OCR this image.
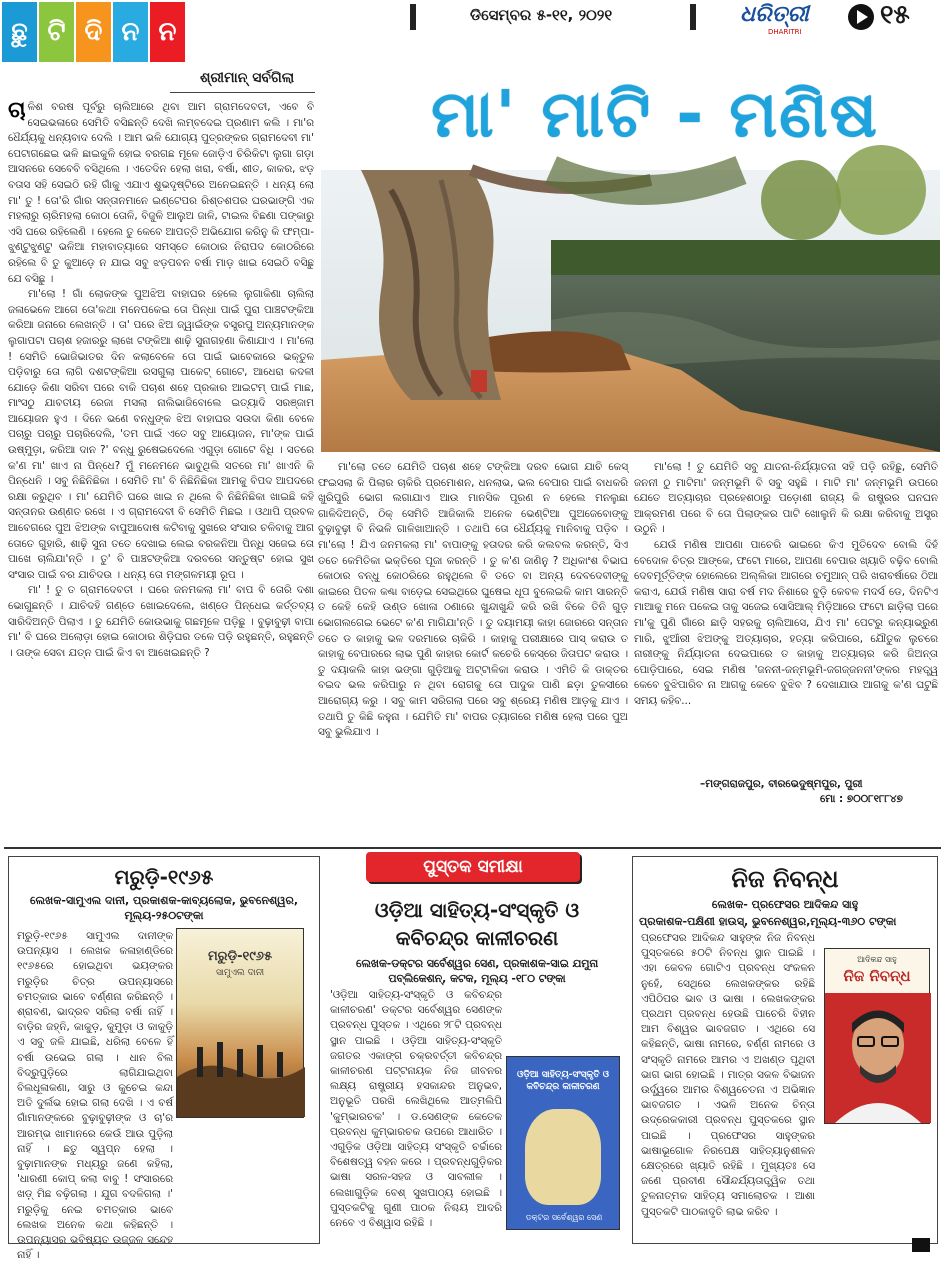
ଛୁ ଟି ଦି ନ ନ
ଡିସେମ୍ବର ୫-୧୧, ୨୦୨୧	ଧରିତ୍ରୀ
DHARITRI
୧୫
ଶ୍ରୀମାନ୍ ସର୍ବଗିଲା	ମା' ମାଟି - ମଣିଷ

ଚାଳିଶ ବରଷ ପୂର୍ବରୁ ଚାଲିଆରେ ଥିବା ଆମ ଗ୍ରାମଦେବତୀ, ଏବେ ବି ସେଇଭଳାରେ ସେମିତି ବସିଛନ୍ତି ଦେଖି ଲମ୍ବଦେଇ ପ୍ରଣାମ କଲି । ମା'ର ଧୈର୍ଯ୍ୟକୁ ଧନ୍ୟବାଦ ଦେଲି । ଆମ ଭଳି ଯୋଗ୍ୟ ପୁତ୍ରଙ୍କର ଗ୍ରାମଦେବୀ ମା' ପେଟାଗଛେଇ ଭଳି ଛାଇକୁଳି ହୋଇ ବରଗଛ ମୂଳେ ଜୋଡ଼ିଏ ଚିରିକିଟା ଲୁଗା ଗଡ଼ା ଆସନରେ ସେବେବି ବସିଥିଲେ । ଏତେଦିନ ହେଲା ଖରା, ବର୍ଷା, ଶୀତ, କାକର, ଝଡ଼ ବତାସ ସହି ସେଇଠି ରହି ଗାଁକୁ ଏଯାଏ ଶୁଭଦୃଷ୍ଟିରେ ଅନେଇଛନ୍ତି । ଧନ୍ୟ ଲୋ ମା' ତୁ ! ତୋ'ରି ଗାଁର ସନ୍ତାନମାନେ ଇଣ୍ଟେପର ରିଶ୍ତଶପର ଘରଭାଙ୍ଗି ଏକ ମହଲାରୁ ଚାରିମହଲା କୋଠା ତୋଳି, ବିଜୁଳି ଆଲୁଅ ଜାଳି, ଟାଇଲ ବିଛଣା ପଙ୍କାରୁ ଏସି ଘରେ ରହିଲେଣି । ହେଲେ ତୁ କେବେ ଆପତ୍ତି ଅଭିଯୋଗ କରିନୁ କି ଫମ୍ପା-ଝୁଣ୍ଟୁଝୁଣ୍ଟୁ ଭଳିଆ ମହାବାତ୍ୟାରେ ସମସ୍ତେ କୋଠାର ନିରାପଦ କୋଠରିରେ ରହିଲେ ବି ତୁ କୁଆଡ଼େ ନ ଯାଇ ସବୁ ଝଡ଼ପବନ ବର୍ଷା ମାଡ଼ ଖାଇ ସେଇଠି ବସିଛୁ ଯେ ବସିଛୁ ।

ମା'ଲୋ ! ଗାଁ ଲୋକଙ୍କ ପୁଅଝିଅ ବାହାଘର ହେଲେ ଲୁଗାକିଣା ଚାଲିଲା ଜଳାଭେଳେ ଆଗେ ତୋ'କଥା ମନେପକେଇ ତୋ ପିନ୍ଧା ପାଇଁ ପୁରା ପାଞ୍ଚଟଙ୍କିଆ କରିଆ ଜନାରେ ଲେଖନ୍ତି । ତା' ପରେ ଝିଅ ଜ୍ୱାଇଁଙ୍କ ବସ୍ତ୍ରପୁ ଅନ୍ୟମାନଙ୍କ ଲୁଗାପଟା ପଚାଶ ହଜାରରୁ ଲାଖେ ଟଙ୍କିଆ ଶାଢ଼ି ସୁନାଗହଣା କିଣାଯାଏ । ମା'ଲୋ ! ସେମିତି ଭୋଜିଭାତର ଦିନ କଲାବେଳେ ତୋ ପାଇଁ ଭାବେକାରେ ଭକ୍ତୁଳ ପଡ଼ିବାରୁ ତୋ ଲାଗି ଦଶଟଙ୍କିଆ ରସଗୁଲା ପାକେଟ୍ ଗୋଟେ, ଆଧେରା କଦଳୀ ଯୋଡ଼େ କିଣା ସରିବା ପରେ ବାକି ପଚାଶ ଶହେ ପ୍ରକାର ଆଇଟମ୍ ପାଇଁ ମାଛ, ମାଂସଠୁ ଯାବତୀୟ ରେଜା ମସଲା ନାଲିଭାଜିବୋଲେ ଇତ୍ୟାଦି ସରଞ୍ଜାମ ଆୟୋଜନ ହୁଏ । ଦିନେ ଭଣେ ବନ୍ଧୁଙ୍କ ଝିଅ ବାହାଘର ସଉଦା କିଣା ବେଳେ ପଚାରୁ ପଚାରୁ ପଚାରିଦେଲି, 'ତମ ପାଇଁ ଏତେ ସବୁ ଆୟୋଜନ, ମା'ଙ୍କ ପାଇଁ ଉଷ୍ମୁଡ଼ା, କରିଆ ଦାନ ?' ବନ୍ଧୁ ରୁଷେଇଦେଲେ ଏଗୁଡ଼ା ଗୋଟେ ବିଧି । ସତରେ କ'ଣ ମା' ଖାଏ ନା ପିନ୍ଧେ? ମୁଁ ମନେମନେ ଭାବୁଥିଲି ସତରେ ମା' ଖାଏନି କି ପିନ୍ଧେନି । ସବୁ ନିଛିନିଛିକା । ସେମିତି ମା' ବି ନିଛିନିଛିକା ଆମକୁ ବିପଦ ଆପଦରେ ରକ୍ଷା କରୁଥିବ । ମା' ଯେମିତି ଘରେ ଖାଇ ନ ଥିଲେ ବି ନିଛିନିଛିକା ଖାଇଛି କହି ସନ୍ତାନର ଉଣ୍ଣତ ରଖେ । ଏ ଗ୍ରାମଦେବୀ ବି ସେମିତି ମିଛଇ । ଓଥାପି ପ୍ରବଳ ଆବେଗରେ ପୁଅ ଝିଅଙ୍କ ବାପୁଆଦୋଷ କଟିବାକୁ ସୁଖରେ ସଂସାର ଚଳିବାକୁ ଆଗ ତୋତେ ଗୁହାରି, ଶାଢ଼ି ସୁନା ତତେ ଦେଖାଇ ଲେଇ ବରକନିଆ ପିନ୍ଧି ସଜେଇ ତୋ ପାଖେ ଚାଲିଯା'ନ୍ତି । ତୁ' ବି ପାଞ୍ଚଟଙ୍କିଆ ଦରବରେ ସନ୍ତୁଷ୍ଟ ହୋଇ ସୁଖ ସଂସାର ପାଇଁ ବର ଯାଚିଦଉ । ଧନ୍ୟ ତୋ ମଙ୍ଗଳମୟୀ ରୂପ ।

ମା' ! ତୁ ତ ଗ୍ରାମଦେବତୀ । ଘରେ ଜନମକଲା ମା' ବାପ ବି ତୋରି ଦଶା ଭୋଗୁଛନ୍ତି । ଯାଚିଦହି ଗଣ୍ଡେ ଖୋଇଦେଲେ, ଖଣ୍ଡେ ପିନ୍ଧେଇ କର୍ତ୍ତବ୍ୟ ସାରିଦିଅନ୍ତି ପିଲାଏ । ତୁ ଯେମିତି କୋଉଭାକୁ ଗଛମୂଳେ ପଡ଼ିଛୁ । ବୁଢ଼ାବୁଢ଼ୀ ବାପା ମା' ବି ଘରେ ଅଲୋଡ଼ା ହୋଇ କୋଠାର ଶିଡ଼ିଘର ତଳେ ପଡ଼ି ରହୁଛନ୍ତି, ରହୁଛନ୍ତି । ତାଙ୍କ ସେବା ଯତ୍ନ ପାଇଁ କିଏ ବା ଆଖେଇଛନ୍ତି ?

ମା'ଲୋ ତତେ ଯେମିତି ପଚାଶ ଶହେ ଟଙ୍କିଆ ଦରବ ଭୋଗ ଯାଚି କେସ୍ ଫଇସଲା କି ପିଲାର ଚାକିରି ପ୍ରମୋଶନ, ଧନଲାଭ, ଭଲ ବେପାର ପାଇଁ ବାଧକରି ଖୁରିପୁରି ଭୋଗ ଲଗାଯାଏ ଆଉ ମାନସିକ ପୂରଣ ନ ହେଲେ ମନଲୁଛା ଗାଳିଦିଅନ୍ତି, ଠିକ୍ ସେମିତି ଆଜିକାଲି ଅନେକ ଭେଣ୍ଟିଆ ପୁଅଜେବୋଙ୍କୁ ବୁଢ଼ାବୁଢ଼ୀ ବି ନିଭଳି ଗାଳିଖାଆନ୍ତି । ତଥାପି ତୋ ଧୈର୍ଯ୍ୟକୁ ମାନିବାକୁ ପଡ଼ିବ । ମା'ଲୋ ! ଯିଏ ଜନମକଲା ମା' ବାପାଙ୍କୁ ହତାଦର କରି କଲବଲ କରନ୍ତି, ସିଏ ତତେ କେମିତିକା ଭକ୍ତିରେ ପୂଜା କରନ୍ତି । ତୁ କ'ଣ ଜାଣିନୁ ? ଅଧିକାଂଶ ବିଭାଘ କୋଠାର ବନ୍ଧୁ କୋଠରିରେ ରହୁଥିଲେ ବି ତତେ ବା ଅନ୍ୟ ଦେବଦେବୀଙ୍କୁ କାଇରେ ପିତଳ କଣ୍ଢା ବାଡ଼େଇ ସେଇଥିରେ ଘୁଷେଇ ଧୂପ ବୁଲେଇକି କାମ ସାରନ୍ତି ତ କେହି କେହି ଉଣ୍ଡ ଖୋଳା ଠଣାରେ ଖୁନ୍ଦାଖୁନ୍ଦି କରି ରଖି ବିକେ ତିନି ଗୁଡ଼ ଭୋଗଲଗେଇ ଭେଟେ କ'ଣ ମାଗିଯା'ନ୍ତି । ତୁ ଦୟାମୟୀ କାହା ଜୋରରେ ସନ୍ତାନ ତତେ ଡ କାହାକୁ ଭଳ ଦରମାରେ ଚାକିରି । କାହାକୁ ପରୀକ୍ଷାରେ ପାସ୍ କରାଉ ତ କାହାକୁ ବେପାରରେ ଲାଭ ପୁଣି କାହାର କୋର୍ଟ କଚେରି କେସ୍‌ରେ ଜିତାପଟ କରାଉ । ତୁ ଦୟାକଲି କାହା ଭଙ୍ଗା ଗୁଡ଼ିଆକୁ ଅଟ୍ଟାଳିକା କରାଉ । ଏମିତି କି ଡାକ୍ତର ବଇଦ ଭଲ କରିପାରୁ ନ ଥିବା ରୋଗକୁ ତୋ ପାଦୁକ ପାଣି ଛଡ଼ା ତୁଳସୀରେ ଆରୋଗ୍ୟ କରୁ । ସବୁ କାମ ସରିଗଲା ପରେ ସବୁ ଶ୍ରେୟ ମଣିଷ ଆଡ଼କୁ ଯାଏ । ତଥାପି ତୁ କିଛି କହୁନା । ଯେମିତି ମା' ବାପର ତ୍ୟାଗରେ ମଣିଷ ହେଲା ପରେ ପୁଅ ସବୁ ଭୁଲିଯାଏ ।

ମା'ଲୋ ! ତୁ ଯେମିତି ସବୁ ଯାତନା-ନିର୍ଯ୍ୟାତନା ସହି ପଡ଼ି ରହିଛୁ, ସେମିତି ଜନନୀ ଠୁ ମାଟିମା' ଜନ୍ମଭୂମି ବି ସବୁ ସହୁଛି । ମାଟି ମା' ଜନ୍ମଭୂମି ଉପରେ ଯେତେ ଅତ୍ୟାଚାର ପ୍ରହେଶଠାରୁ ପଡ଼ୋଶୀ ରାଜ୍ୟ କି ରାଷ୍ଟ୍ରର ଘନଘନ ଆକ୍ରମଣ ପରେ ବି ତୋ ପିଲାଙ୍କର ପାଟି ଖୋଲୁନି କି ରକ୍ଷା କରିବାକୁ ଅସ୍ତ୍ର ଉଠୁନି ।

ଯେଉଁ ମଣିଷ ଆପଣା ପାଚେରି ଭାଇରେ କିଏ ମୁତିଦେବ ବୋଲି ଦିହଁ ବେଦୋଳ ଚିତ୍ର ଆଙ୍କେ, ଫଟୋ ମାରେ, ଆପଣା ବେପାର ଖ୍ୟାତି ବଢ଼ିବ ବୋଲି ଦେବମୂର୍ତ୍ତିଙ୍କ ହୋଲେରେ ଅଲ୍ଲିକା ଆଗରେ ଚମୁଆନ୍ ପରି ଖରାବର୍ଷାରେ ଠିଆ କରାଏ, ଯେଉଁ ମଣିଷ ସାରା ବର୍ଷ ମଦ ନିଶାରେ ବୁଡ଼ି କେବଳ ମଦର୍ସ ଡେ, ଦିନଟିଏ ମାଆକୁ ମନେ ପକେଇ ତାକୁ ସଜେଇ ସୋସିଆଲ୍ ମିଡ଼ିଆରେ ଫଟୋ ଛାଡ଼ିଲା ପରେ ମା'କୁ ପୁଣି ଗାଁରେ ଛାଡ଼ି ସହରକୁ ଚାଲିଆସେ, ଯିଏ ମା' ପେଟରୁ କନ୍ୟାଭ୍ରୁଣ ମାରି, ଝୁଆଁରୀ ଝିଅଙ୍କୁ ଅତ୍ୟାଚାର, ହତ୍ୟା କରିପାରେ, ଯୌତୁକ ଲୁଚରେ ନାରୀଙ୍କୁ ନିର୍ଯ୍ୟାତନା ଦେଇପାରେ ତ କାହାକୁ ଅତ୍ୟାଚାର କରି ଜିଅନ୍ତା ପୋଡ଼ିପାରେ, ସେଇ ମଣିଷ 'ଜନନୀ-ଜନ୍ମଭୂମି-ଜଗଜ୍ଜନନୀ'ଙ୍କର ମହତ୍ତ୍ୱ କେବେ ବୁଝିପାରିବ ନା ଆଗକୁ କେବେ ବୁଝିବ ? ଦେଖାଯାଉ ଆଗକୁ କ'ଣ ଘଟୁଛି ସମୟ କହିବ...

–ମଙ୍ଗରାଜପୁର, ବୀରଭେଦୁଷ୍ମପୁର, ପୁରୀ
ମୋ : ୭୦୦୮୧୮୮୪୭
ମରୁଡ଼ି-୧୯୬୫
ଲେଖକ-ସାମୁଏଲ ଦାନୀ, ପ୍ରକାଶକ-କାବ୍ୟଲୋକ, ଭୁବନେଶ୍ୱର, ମୂଲ୍ୟ-୨୫୦ଟଙ୍କା
ମରୁଡ଼ି-୧୯୬୫ ସାମୁଏଲ ଦାନୀଙ୍କ ଉପନ୍ୟାସ । ଲେଖକ କଳାହାଣ୍ଡିରେ ୧୯୬୫ରେ ହୋଇଥିବା ଭୟଙ୍କର ମରୁଡ଼ିର ଚିତ୍ର ଉପନ୍ୟାସରେ ଚମତ୍କାର ଭାବେ ବର୍ଣ୍ଣନା କରିଛନ୍ତି । ଶ୍ରାବଣ, ଭାଦ୍ରବ ସରିଲା ବର୍ଷା ନାହିଁ । ବାଡ଼ିର ଜହ୍ନି, କାକୁଡ଼, କୁମୁଡ଼ା ଓ କାକୁଡ଼ି ଏ ସବୁ ଜଳି ଯାଇଛି, ଧରିଲା ବେଳେ ହିଁ ବର୍ଷା ଉଭେଇ ଗଲା । ଧାନ ବିଲ ବିଦ୍ରୁପୁଡ଼ିରେ ଲାଗିଯାଇଥିବା ବିଲଧୂଳାକଣା, ସାରୁ ଓ କୁଚେଇ କନ୍ଦା ଅତି ଦୁର୍ଲଭ ହୋଇ ଗଲା ଦେଖି । ଏ ବର୍ଷ ଗାଁମାନଙ୍କରେ ବୁଢ଼ାବୁଢ଼ୀଙ୍କ ଓ ଚା'ର ଆରମ୍ଭ ଖାମାନରେ କେଉଁ ଆଉ ପୁଡ଼ିଲା ନାହିଁ । ଛତୁ ସ୍ୱପ୍ନ ହେଲା । ବୁଢ଼ାମାନଙ୍କ ମଧ୍ୟରୁ ଜଣେ କହିଲା, 'ଧାରଣୀ କୋପ୍ କଲା ବାବୁ ! ସଂସାରରେ ଖଡ଼୍ ମିଛ ବଢ଼ିଗଲା । ଯୁଗ ବଦଳିଗଲା ।' ମରୁଡ଼ିକୁ ନେଇ ଚମତ୍କାର ଭାବେ ଲେଖକ ଅନେକ କଥା କହିଛନ୍ତି । ଉପନ୍ୟାସର ଭବିଷ୍ୟତ ଉଜ୍ଜଳ ସନ୍ଦେହ ନାହିଁ ।
ମରୁଡ଼ି-୧୯୬୫
ସାମୁଏଲ ଦାନୀ
ଓଡ଼ିଆ ସାହିତ୍ୟ-ସଂସ୍କୃତି ଓ
କବିଚନ୍ଦ୍ର କାଳୀଚରଣ
ଲେଖକ-ଡକ୍ଟର ସର୍ବେଶ୍ୱର ସେଣ, ପ୍ରକାଶକ-ସାଇ ଯମୁନା ପବ୍ଲିକେଶନ୍, କଟକ, ମୂଲ୍ୟ -୧୮୦ ଟଙ୍କା
'ଓଡ଼ିଆ ସାହିତ୍ୟ-ସଂସ୍କୃତି ଓ କବିଚନ୍ଦ୍ର କାଳୀଚରଣ' ଡକ୍ଟର ସର୍ବେଶ୍ୱର ସେଣଙ୍କ ପ୍ରବନ୍ଧ ପୁସ୍ତକ । ଏଥିରେ ୨୮ଟି ପ୍ରବନ୍ଧ ସ୍ଥାନ ପାଇଛି । ଓଡ଼ିଆ ସାହିତ୍ୟ-ସଂସ୍କୃତି ଜଗତର ଏକାଙ୍ଗ ଚକ୍ରବର୍ତ୍ତୀ କବିଚନ୍ଦ୍ର କାଳୀଚରଣ ପଟ୍ଟନାୟକ ନିଜ ଜୀବନର ଲକ୍ଷ୍ୟ ରାଷ୍ଟ୍ରୀୟ ହସକାନ୍ଦର ଅନୁଭବ, ଅନୁଭୂତି ପରଖି ଲେଖିଥିଲେ ଆତ୍ମଲିପି 'କୁମ୍ଭାରଚକ' । ଡ.ସେଣଙ୍କ କେତେକ ପ୍ରବନ୍ଧ କୁମ୍ଭାରଚକ ଉପରେ ଆଧାରିତ । ଏଗୁଡ଼ିକ ଓଡ଼ିଆ ସାହିତ୍ୟ ସଂସ୍କୃତି ଚର୍ଚ୍ଚାରେ ବିଶେଷତ୍ୱ ବହନ କରେ । ପ୍ରବନ୍ଧଗୁଡ଼ିକର ଭାଷା ସରଳ-ସହଜ ଓ ସାବଲୀଳ । ଲେଖାଗୁଡ଼ିକ ବେଶ୍ ସୁଖପାଠ୍ୟ ହୋଇଛି । ପୁସ୍ତକଟିକୁ ଗୁଣୀ ପାଠକ ନିଶ୍ଚୟ ଆଦରି ନେବେ ଏ ବିଶ୍ୱାସ ରହିଛି ।
ପୁସ୍ତକ ସମୀକ୍ଷା
ଓଡ଼ିଆ ସାହିତ୍ୟ-ସଂସ୍କୃତି ଓ କବିଚନ୍ଦ୍ର କାଳୀଚରଣ
ଡକ୍ଟର ସର୍ବେଶ୍ୱର ସେଣ
ନିଜ ନିବନ୍ଧ
ଲେଖକ- ପ୍ରଫେସର ଆଦିକନ୍ଦ ସାହୁ
ପ୍ରକାଶକ-ପକ୍ଷିଣୀ ହାଉସ୍, ଭୁବନେଶ୍ୱର,ମୂଲ୍ୟ-୩୬୦ ଟଙ୍କା
ପ୍ରଫେସର ଆଦିକନ୍ଦ ସାହୁଙ୍କ ନିଜ ନିବନ୍ଧ ପୁସ୍ତକରେ ୫୦ଟି ନିବନ୍ଧ ସ୍ଥାନ ପାଇଛି । ଏହା କେବଳ ଗୋଟିଏ ପ୍ରବନ୍ଧ ସଂକଳନ ନୁହେଁ, ସେଥିରେ ଲେଖକଙ୍କର ରହିଛି ଏପିଠିପର ଭାବ ଓ ଭାଷା । ଲେଖକଙ୍କର ପ୍ରଥମ ପ୍ରବନ୍ଧ ହେଉଛି ପାଚେରି ବିହୀନ ଆମ ବିଶ୍ୱର ଭାବଜଗତ । ଏଥିରେ ସେ କହିଛନ୍ତି, ଭାଷା ନାମରେ, ବର୍ଣ୍ଣ ନାମରେ ଓ ସଂସ୍କୃତି ନାମରେ ଆମର ଏ ଅଖଣ୍ଡ ପୃଥିବୀ ଭାଗ ଭାଗ ହୋଇଛି । ମାତ୍ର ସକଳ ବିଭାଜନ ଉର୍ଦ୍ଧ୍ୱରେ ଆମର ବିଶ୍ୱଚେତନା ଏ ଅଭିଜ୍ଞାନ ଭାବଜଗତ । ଏଭଳି ଅନେକ ଚିନ୍ତା ଉଦ୍ରେକକାରୀ ପ୍ରବନ୍ଧ ପୁସ୍ତକରେ ସ୍ଥାନ ପାଇଛି । ପ୍ରଫେସର ସାହୁଙ୍କର ଭାଷାଭୂଗୋଳ ନିରପେକ୍ଷ ସାହିତ୍ୟାନୁଶୀଳନ କ୍ଷେତ୍ରରେ ଖ୍ୟାତି ରହିଛି । ମୁଖ୍ୟତଃ ସେ ଜଣେ ପ୍ରବୀଣ ସୌନ୍ଦର୍ଯ୍ୟତାତ୍ତ୍ୱିକ ତଥା ତୁଳନାତ୍ମକ ସାହିତ୍ୟ ସମାଲୋଚକ । ଆଶା ପୁସ୍ତକଟି ପାଠକାଦୃତି ଲାଭ କରିବ ।
ଆଦିକନ୍ଦ ସାହୁ
ନିଜ ନିବନ୍ଧ
